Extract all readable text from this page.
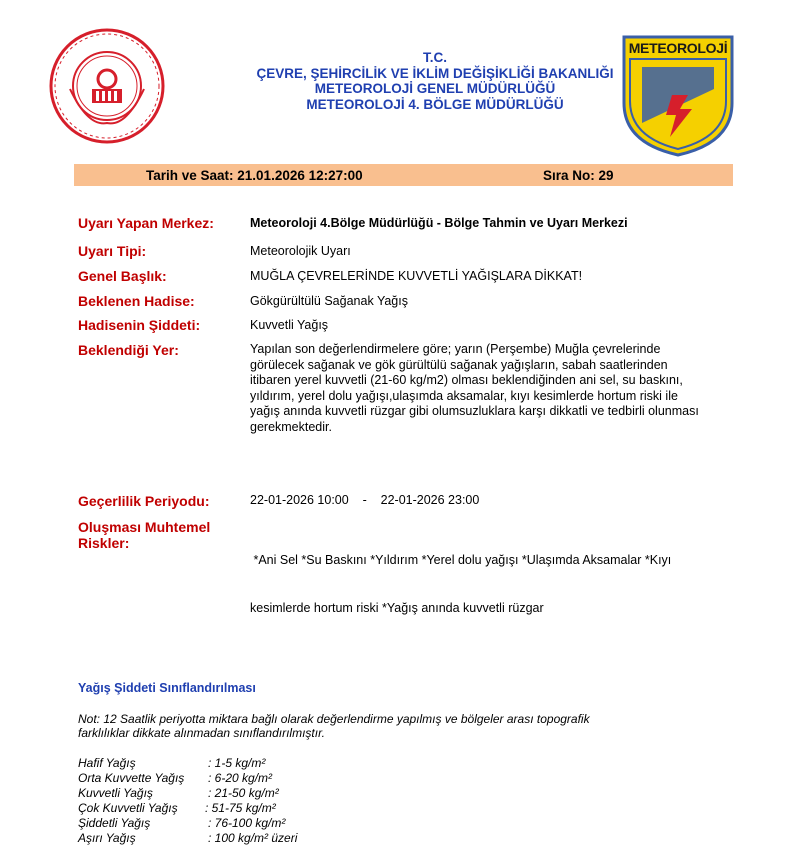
T.C.
ÇEVRE, ŞEHİRCİLİK VE İKLİM DEĞİŞİKLİĞİ BAKANLIĞI
METEOROLOJİ GENEL MÜDÜRLÜĞÜ
METEOROLOJİ 4. BÖLGE MÜDÜRLÜĞÜ
METEOROLOJİ
Tarih ve Saat: 21.01.2026 12:27:00	Sıra No: 29
Uyarı Yapan Merkez:	Meteoroloji 4.Bölge Müdürlüğü - Bölge Tahmin ve Uyarı Merkezi
Uyarı Tipi:	Meteorolojik Uyarı
Genel Başlık:	MUĞLA ÇEVRELERİNDE KUVVETLİ YAĞIŞLARA DİKKAT!
Beklenen Hadise:	Gökgürültülü Sağanak Yağış
Hadisenin Şiddeti:	Kuvvetli Yağış
Beklendiği Yer:	Yapılan son değerlendirmelere göre; yarın (Perşembe) Muğla çevrelerinde
görülecek sağanak ve gök gürültülü sağanak yağışların, sabah saatlerinden
itibaren yerel kuvvetli (21-60 kg/m2) olması beklendiğinden ani sel, su baskını,
yıldırım, yerel dolu yağışı,ulaşımda aksamalar, kıyı kesimlerde hortum riski ile
yağış anında kuvvetli rüzgar gibi olumsuzluklara karşı dikkatli ve tedbirli olunması
gerekmektedir.
Geçerlilik Periyodu:	22-01-2026 10:00    -    22-01-2026 23:00
Oluşması Muhtemel
Riskler:

*Ani Sel *Su Baskını *Yıldırım *Yerel dolu yağışı *Ulaşımda Aksamalar *Kıyı

kesimlerde hortum riski *Yağış anında kuvvetli rüzgar

Yağış Şiddeti Sınıflandırılması
Not: 12 Saatlik periyotta miktara bağlı olarak değerlendirme yapılmış ve bölgeler arası topografik
farklılıklar dikkate alınmadan sınıflandırılmıştır.
Hafif Yağış	: 1-5 kg/m²
Orta Kuvvette Yağış : 6-20 kg/m²
Kuvvetli Yağış	: 21-50 kg/m²
Çok Kuvvetli Yağış : 51-75 kg/m²
Şiddetli Yağış	: 76-100 kg/m²
Aşırı Yağış	: 100 kg/m² üzeri
